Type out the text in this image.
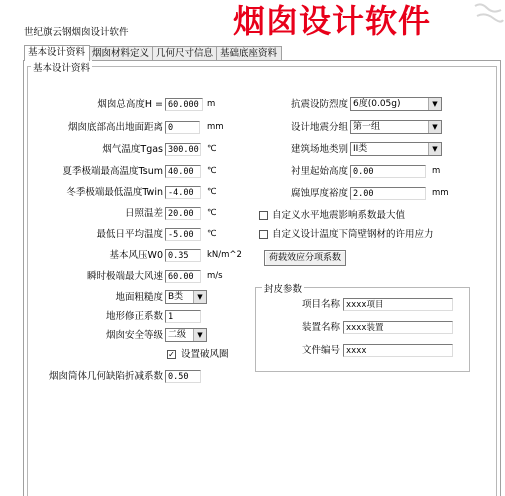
世纪旗云钢烟囱设计软件	烟囱设计软件
基本设计资料 烟囱材料定义 几何尺寸信息 基础底座资料
基本设计资料
烟囱总高度H = 60.000 m
烟囱底部高出地面距离 0	mm
烟气温度Tgas 300.00 ℃
夏季极端最高温度Tsum 40.00	℃
冬季极端最低温度Twin -4.00	℃
日照温差 20.00	℃
最低日平均温度 -5.00	℃
基本风压W0 0.35	kN/m^2
瞬时极端最大风速 60.00	m/s
地面粗糙度 B类	▼
地形修正系数 1
烟囱安全等级 二级	▼
✓ 设置破风圈
烟囱筒体几何缺陷折减系数 0.50
抗震设防烈度 6度(0.05g)	▼
设计地震分组 第一组	▼
建筑场地类别 II类	▼
衬里起始高度 0.00	m
腐蚀厚度裕度 2.00	mm
自定义水平地震影响系数最大值
自定义设计温度下筒壁钢材的许用应力
荷载效应分项系数
封皮参数
项目名称 xxxx项目
装置名称 xxxx装置
文件编号 xxxx
